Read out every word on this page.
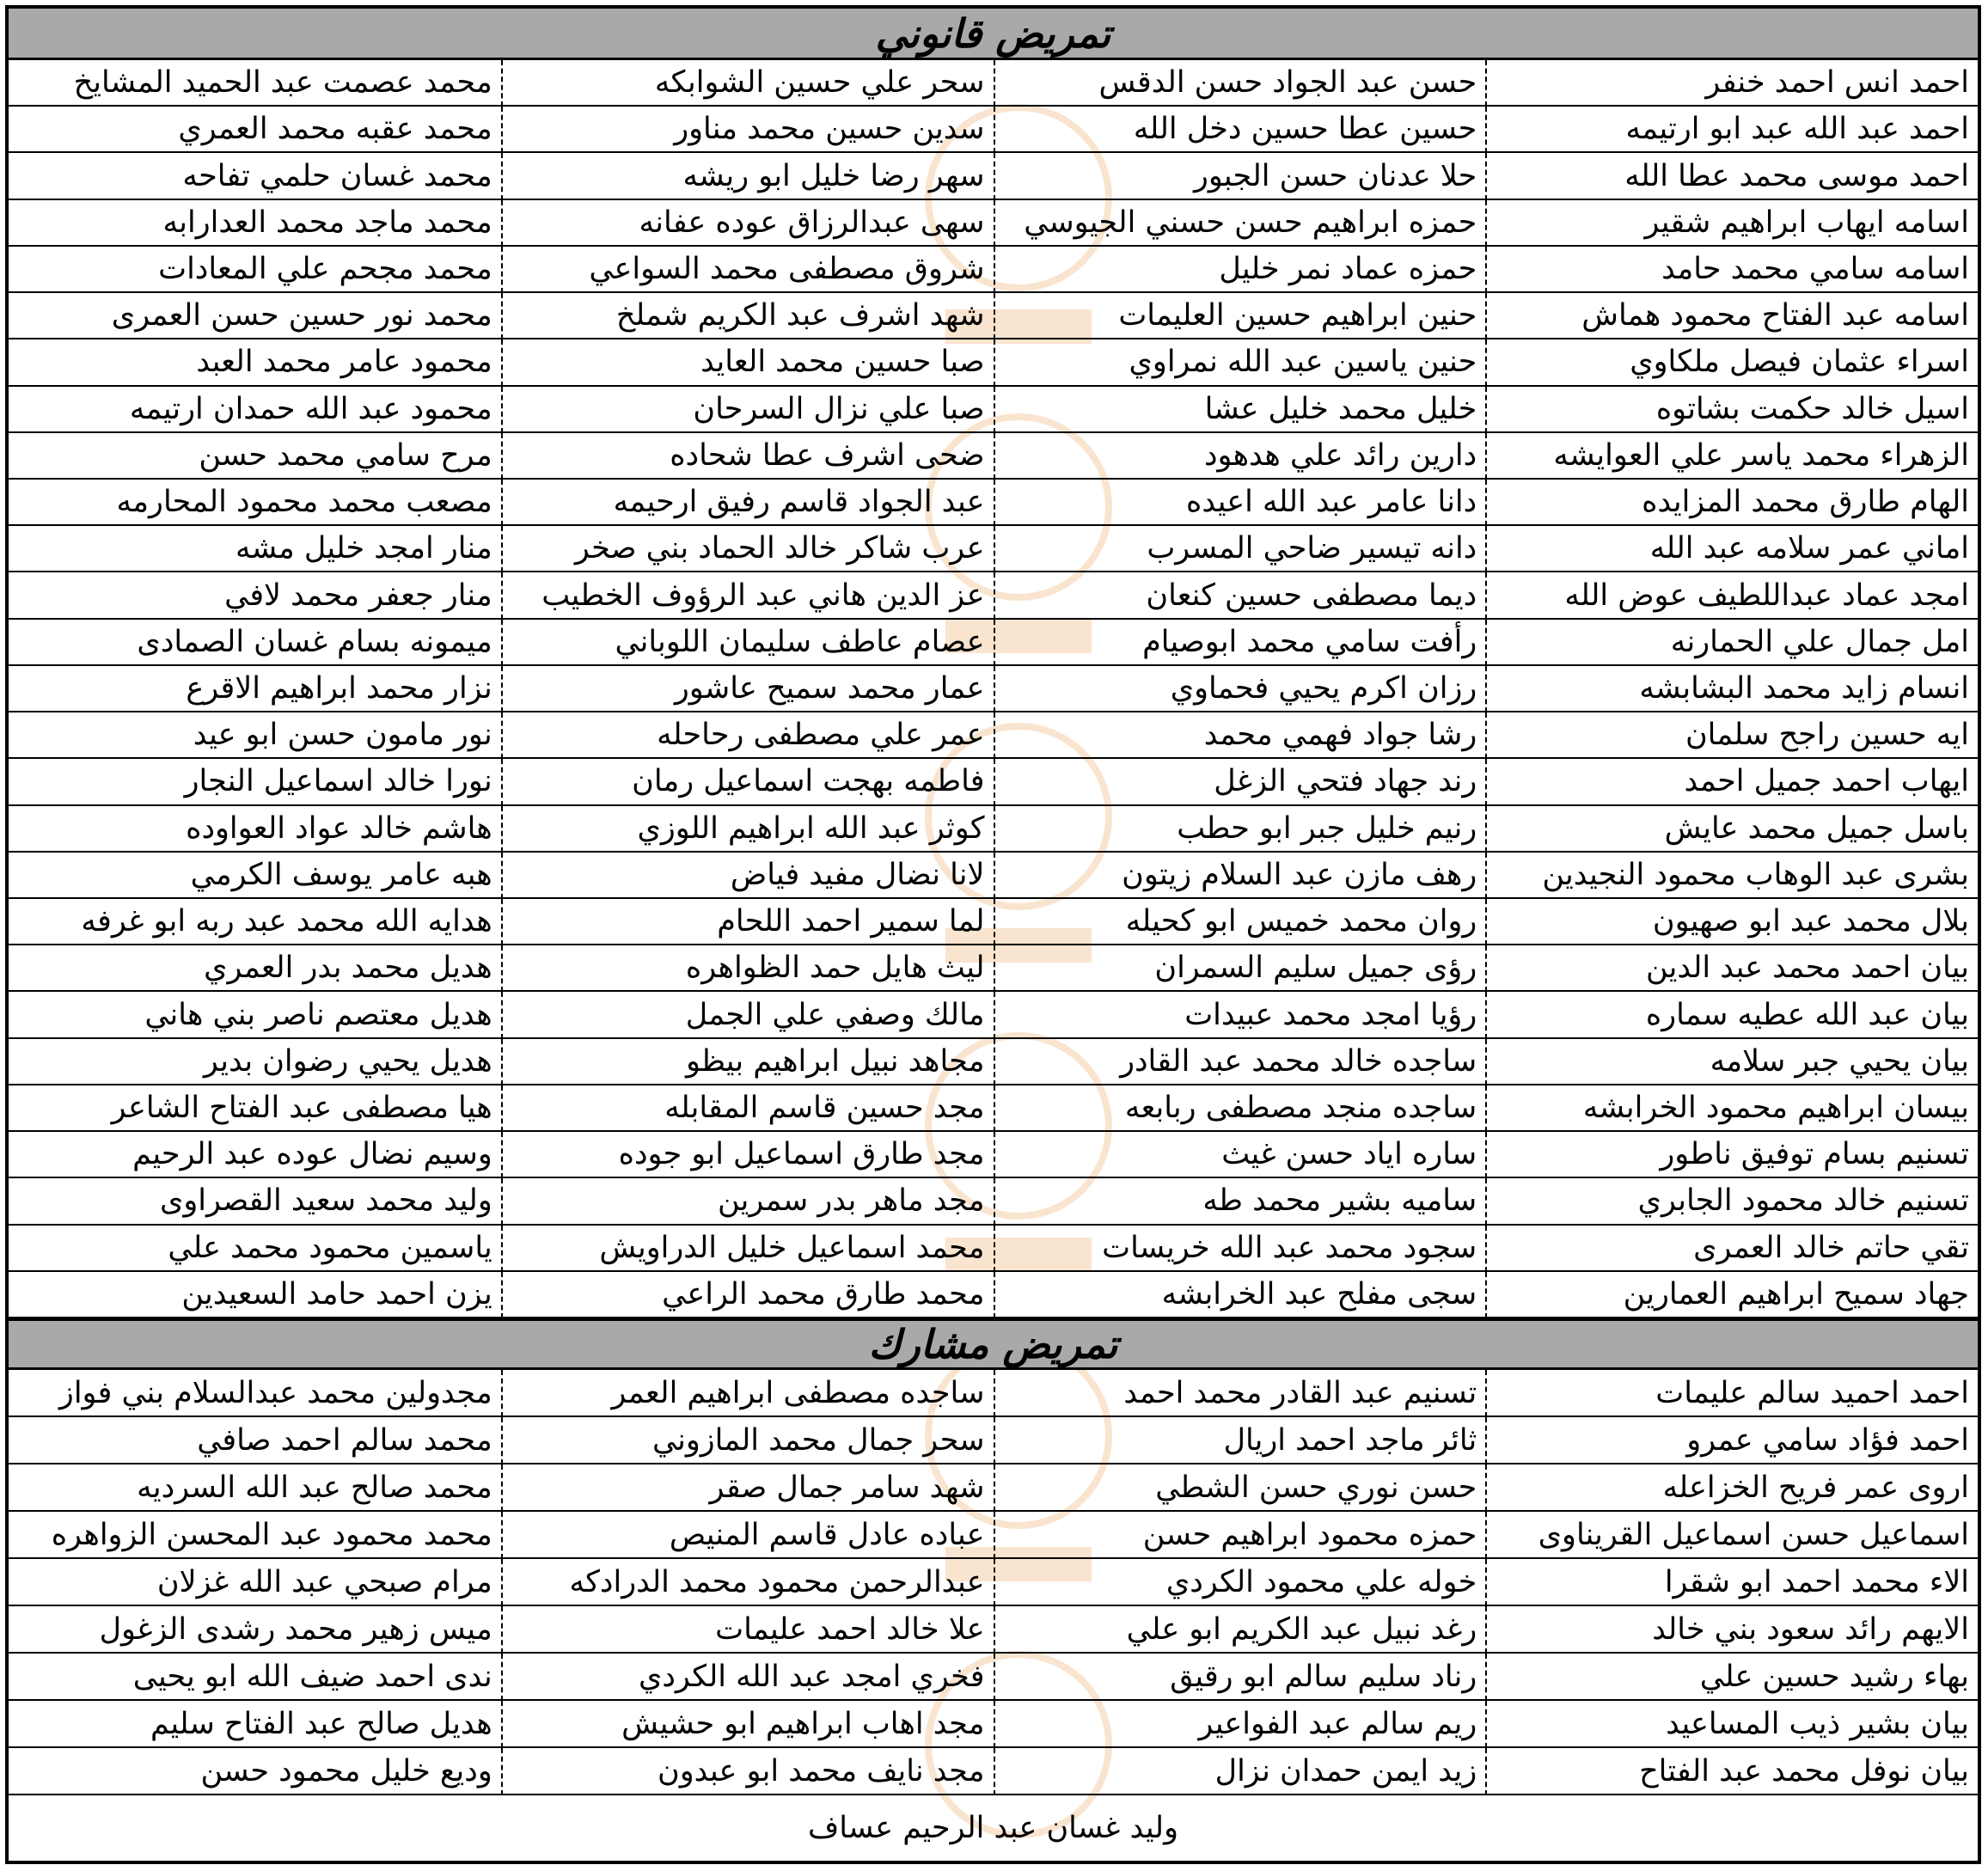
تمريض قانوني
احمد انس احمد خنفر
حسن عبد الجواد حسن الدقس
سحر علي حسين الشوابكه
محمد عصمت عبد الحميد المشايخ
احمد عبد الله عبد ابو ارتيمه
حسين عطا حسين دخل الله
سدين حسين محمد مناور
محمد عقبه محمد العمري
احمد موسى محمد عطا الله
حلا عدنان حسن الجبور
سهر رضا خليل ابو ريشه
محمد غسان حلمي تفاحه
اسامه ايهاب ابراهيم شقير
حمزه ابراهيم حسن حسني الجيوسي
سهى عبدالرزاق عوده عفانه
محمد ماجد محمد العدارابه
اسامه سامي محمد حامد
حمزه عماد نمر خليل
شروق مصطفى محمد السواعي
محمد مجحم علي المعادات
اسامه عبد الفتاح محمود هماش
حنين ابراهيم حسين العليمات
شهد اشرف عبد الكريم شملخ
محمد نور حسين حسن العمرى
اسراء عثمان فيصل ملكاوي
حنين ياسين عبد الله نمراوي
صبا حسين محمد العايد
محمود عامر محمد العبد
اسيل خالد حكمت بشاتوه
خليل محمد خليل عشا
صبا علي نزال السرحان
محمود عبد الله حمدان ارتيمه
الزهراء محمد ياسر علي العوايشه
دارين رائد علي هدهود
ضحى اشرف عطا شحاده
مرح سامي محمد حسن
الهام طارق محمد المزايده
دانا عامر عبد الله اعيده
عبد الجواد قاسم رفيق ارحيمه
مصعب محمد محمود المحارمه
اماني عمر سلامه عبد الله
دانه تيسير ضاحي المسرب
عرب شاكر خالد الحماد بني صخر
منار امجد خليل مشه
امجد عماد عبداللطيف عوض الله
ديما مصطفى حسين كنعان
عز الدين هاني عبد الرؤوف الخطيب
منار جعفر محمد لافي
امل جمال علي الحمارنه
رأفت سامي محمد ابوصيام
عصام عاطف سليمان اللوباني
ميمونه بسام غسان الصمادى
انسام زايد محمد البشابشه
رزان اكرم يحيي فحماوي
عمار محمد سميح عاشور
نزار محمد ابراهيم الاقرع
ايه حسين راجح سلمان
رشا جواد فهمي محمد
عمر علي مصطفى رحاحله
نور مامون حسن ابو عيد
ايهاب احمد جميل احمد
رند جهاد فتحي الزغل
فاطمه بهجت اسماعيل رمان
نورا خالد اسماعيل النجار
باسل جميل محمد عايش
رنيم خليل جبر ابو حطب
كوثر عبد الله ابراهيم اللوزي
هاشم خالد عواد العواوده
بشرى عبد الوهاب محمود النجيدين
رهف مازن عبد السلام زيتون
لانا نضال مفيد فياض
هبه عامر يوسف الكرمي
بلال محمد عبد ابو صهيون
روان محمد خميس ابو كحيله
لما سمير احمد اللحام
هدايه الله محمد عبد ربه ابو غرفه
بيان احمد محمد عبد الدين
رؤى جميل سليم السمران
ليث هايل حمد الظواهره
هديل محمد بدر العمري
بيان عبد الله عطيه سماره
رؤيا امجد محمد عبيدات
مالك وصفي علي الجمل
هديل معتصم ناصر بني هاني
بيان يحيي جبر سلامه
ساجده خالد محمد عبد القادر
مجاهد نبيل ابراهيم بيظو
هديل يحيي رضوان بدير
بيسان ابراهيم محمود الخرابشه
ساجده منجد مصطفى ربابعه
مجد حسين قاسم المقابله
هيا مصطفى عبد الفتاح الشاعر
تسنيم بسام توفيق ناطور
ساره اياد حسن غيث
مجد طارق اسماعيل ابو جوده
وسيم نضال عوده عبد الرحيم
تسنيم خالد محمود الجابري
ساميه بشير محمد طه
مجد ماهر بدر سمرين
وليد محمد سعيد القصراوى
تقي حاتم خالد العمرى
سجود محمد عبد الله خريسات
محمد اسماعيل خليل الدراويش
ياسمين محمود محمد علي
جهاد سميح ابراهيم العمارين
سجى مفلح عبد الخرابشه
محمد طارق محمد الراعي
يزن احمد حامد السعيدين
تمريض مشارك
احمد احميد سالم عليمات
تسنيم عبد القادر محمد احمد
ساجده مصطفى ابراهيم العمر
مجدولين محمد عبدالسلام بني فواز
احمد فؤاد سامي عمرو
ثائر ماجد احمد اريال
سحر جمال محمد المازوني
محمد سالم احمد صافي
اروى عمر فريح الخزاعله
حسن نوري حسن الشطي
شهد سامر جمال صقر
محمد صالح عبد الله السرديه
اسماعيل حسن اسماعيل القريناوى
حمزه محمود ابراهيم حسن
عباده عادل قاسم المنيص
محمد محمود عبد المحسن الزواهره
الاء محمد احمد ابو شقرا
خوله علي محمود الكردي
عبدالرحمن محمود محمد الدرادكه
مرام صبحي عبد الله غزلان
الايهم رائد سعود بني خالد
رغد نبيل عبد الكريم ابو علي
علا خالد احمد عليمات
ميس زهير محمد رشدى الزغول
بهاء رشيد حسين علي
رناد سليم سالم ابو رقيق
فخري امجد عبد الله الكردي
ندى احمد ضيف الله ابو يحيى
بيان بشير ذيب المساعيد
ريم سالم عبد الفواعير
مجد اهاب ابراهيم ابو حشيش
هديل صالح عبد الفتاح سليم
بيان نوفل محمد عبد الفتاح
زيد ايمن حمدان نزال
مجد نايف محمد ابو عبدون
وديع خليل محمود حسن
وليد غسان عبد الرحيم عساف
